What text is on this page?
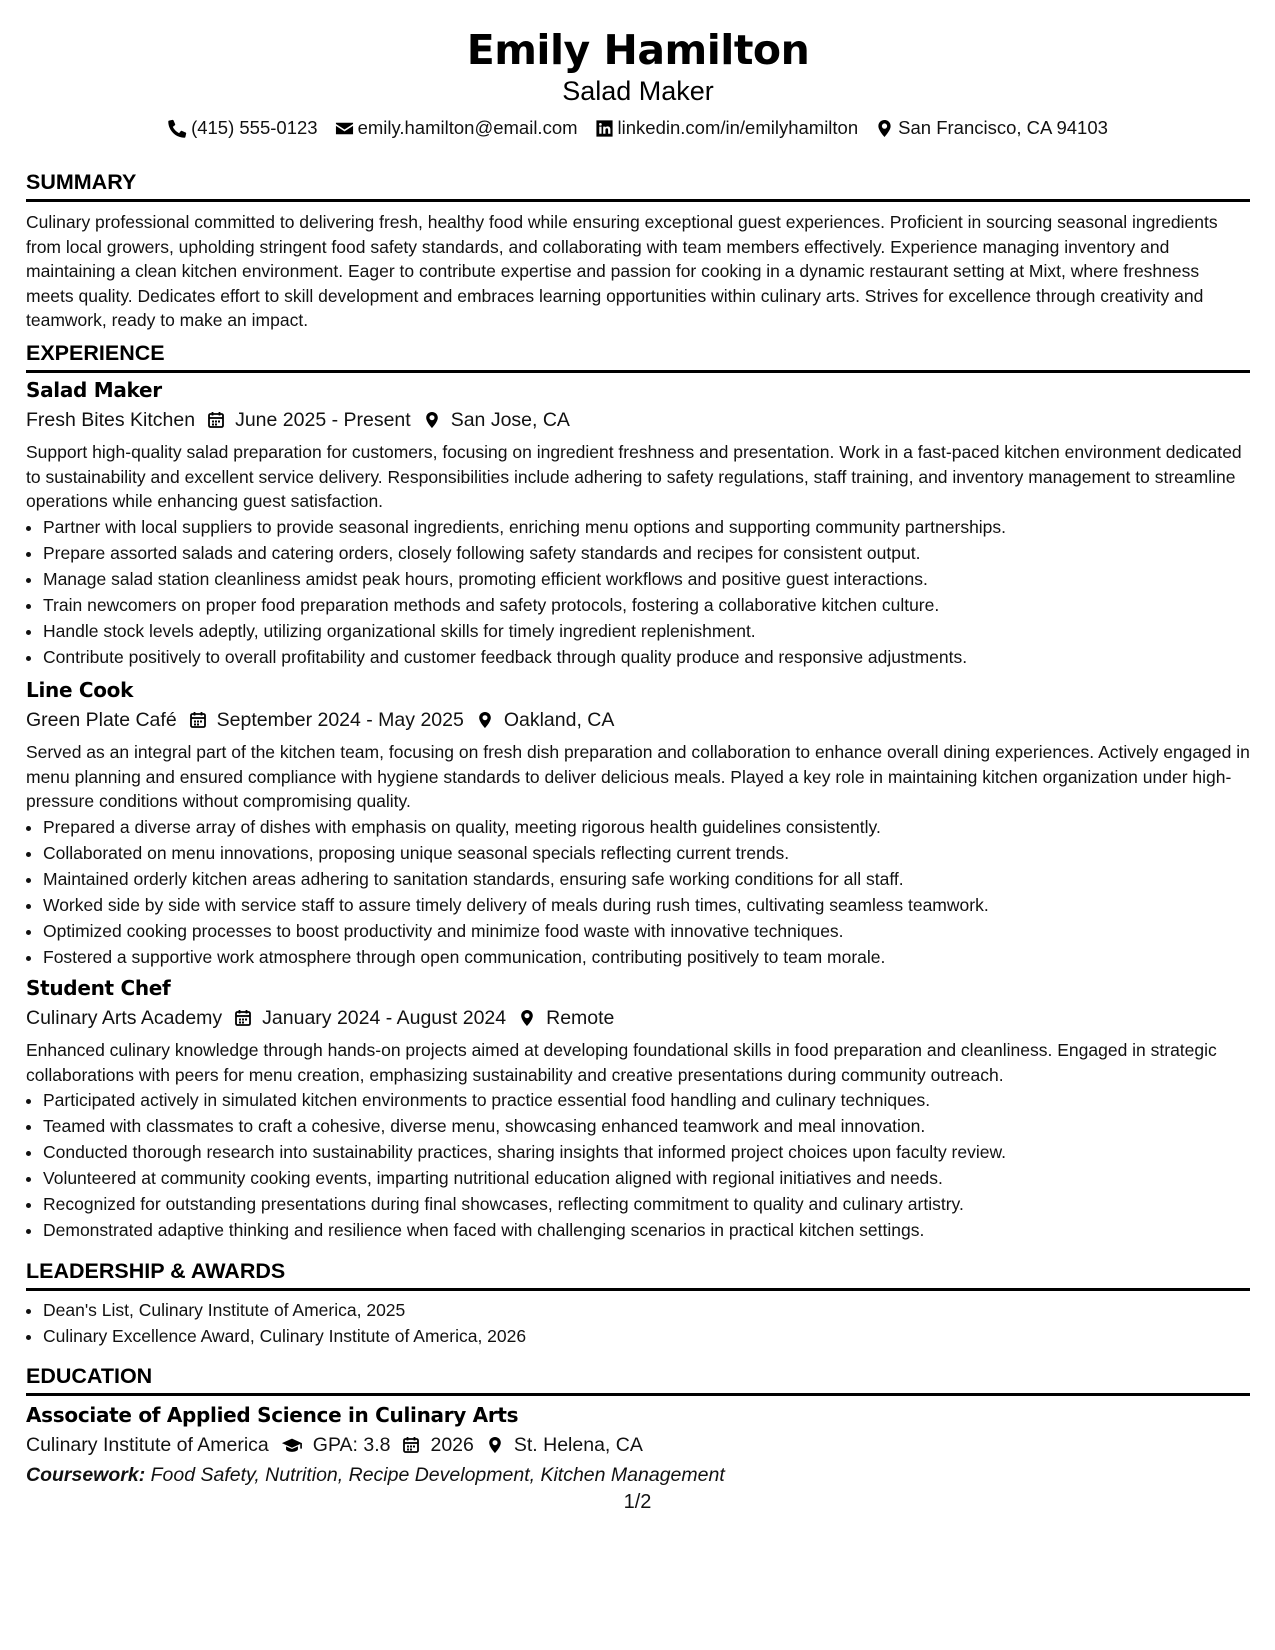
Emily Hamilton
Salad Maker
(415) 555-0123 emily.hamilton@email.com linkedin.com/in/emilyhamilton San Francisco, CA 94103
SUMMARY

Culinary professional committed to delivering fresh, healthy food while ensuring exceptional guest experiences. Proficient in sourcing seasonal ingredients from local growers, upholding stringent food safety standards, and collaborating with team members effectively. Experience managing inventory and maintaining a clean kitchen environment. Eager to contribute expertise and passion for cooking in a dynamic restaurant setting at Mixt, where freshness meets quality. Dedicates effort to skill development and embraces learning opportunities within culinary arts. Strives for excellence through creativity and teamwork, ready to make an impact.

EXPERIENCE
Salad Maker
Fresh Bites Kitchen June 2025 - Present San Jose, CA

Support high-quality salad preparation for customers, focusing on ingredient freshness and presentation. Work in a fast-paced kitchen environment dedicated to sustainability and excellent service delivery. Responsibilities include adhering to safety regulations, staff training, and inventory management to streamline operations while enhancing guest satisfaction.

• Partner with local suppliers to provide seasonal ingredients, enriching menu options and supporting community partnerships.
• Prepare assorted salads and catering orders, closely following safety standards and recipes for consistent output.
• Manage salad station cleanliness amidst peak hours, promoting efficient workflows and positive guest interactions.
• Train newcomers on proper food preparation methods and safety protocols, fostering a collaborative kitchen culture.
• Handle stock levels adeptly, utilizing organizational skills for timely ingredient replenishment.
• Contribute positively to overall profitability and customer feedback through quality produce and responsive adjustments.
Line Cook
Green Plate Café September 2024 - May 2025 Oakland, CA

Served as an integral part of the kitchen team, focusing on fresh dish preparation and collaboration to enhance overall dining experiences. Actively engaged in menu planning and ensured compliance with hygiene standards to deliver delicious meals. Played a key role in maintaining kitchen organization under high-pressure conditions without compromising quality.

• Prepared a diverse array of dishes with emphasis on quality, meeting rigorous health guidelines consistently.
• Collaborated on menu innovations, proposing unique seasonal specials reflecting current trends.
• Maintained orderly kitchen areas adhering to sanitation standards, ensuring safe working conditions for all staff.
• Worked side by side with service staff to assure timely delivery of meals during rush times, cultivating seamless teamwork.
• Optimized cooking processes to boost productivity and minimize food waste with innovative techniques.
• Fostered a supportive work atmosphere through open communication, contributing positively to team morale.
Student Chef
Culinary Arts Academy January 2024 - August 2024 Remote

Enhanced culinary knowledge through hands-on projects aimed at developing foundational skills in food preparation and cleanliness. Engaged in strategic collaborations with peers for menu creation, emphasizing sustainability and creative presentations during community outreach.

• Participated actively in simulated kitchen environments to practice essential food handling and culinary techniques.
• Teamed with classmates to craft a cohesive, diverse menu, showcasing enhanced teamwork and meal innovation.
• Conducted thorough research into sustainability practices, sharing insights that informed project choices upon faculty review.
• Volunteered at community cooking events, imparting nutritional education aligned with regional initiatives and needs.
• Recognized for outstanding presentations during final showcases, reflecting commitment to quality and culinary artistry.
• Demonstrated adaptive thinking and resilience when faced with challenging scenarios in practical kitchen settings.
LEADERSHIP & AWARDS
• Dean's List, Culinary Institute of America, 2025
• Culinary Excellence Award, Culinary Institute of America, 2026
EDUCATION
Associate of Applied Science in Culinary Arts
Culinary Institute of America GPA: 3.8 2026 St. Helena, CA
Coursework: Food Safety, Nutrition, Recipe Development, Kitchen Management
1/2
